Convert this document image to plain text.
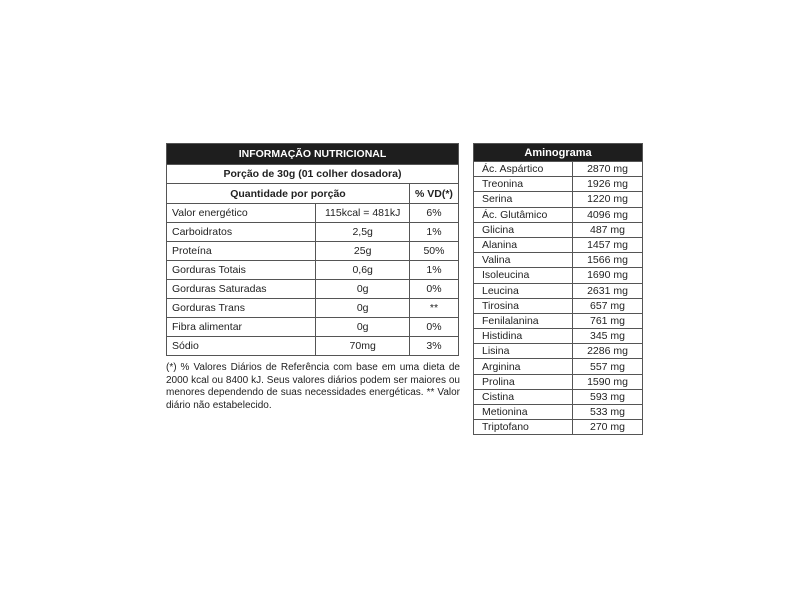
INFORMAÇÃO NUTRICIONAL		
Porção de 30g (01 colher dosadora)		
Quantidade por porção		% VD(*)
Valor energético	115kcal = 481kJ	6%
Carboidratos	2,5g	1%
Proteína	25g	50%
Gorduras Totais	0,6g	1%
Gorduras Saturadas	0g	0%
Gorduras Trans	0g	**
Fibra alimentar	0g	0%
Sódio	70mg	3%
(*) % Valores Diários de Referência com base em uma dieta de 2000 kcal ou 8400 kJ. Seus valores diários podem ser maiores ou menores dependendo de suas necessidades energéticas. ** Valor diário não estabelecido.
Aminograma	
Ác. Aspártico	2870 mg
Treonina	1926 mg
Serina	1220 mg
Ác. Glutâmico	4096 mg
Glicina	487 mg
Alanina	1457 mg
Valina	1566 mg
Isoleucina	1690 mg
Leucina	2631 mg
Tirosina	657 mg
Fenilalanina	761 mg
Histidina	345 mg
Lisina	2286 mg
Arginina	557 mg
Prolina	1590 mg
Cistina	593 mg
Metionina	533 mg
Triptofano	270 mg
